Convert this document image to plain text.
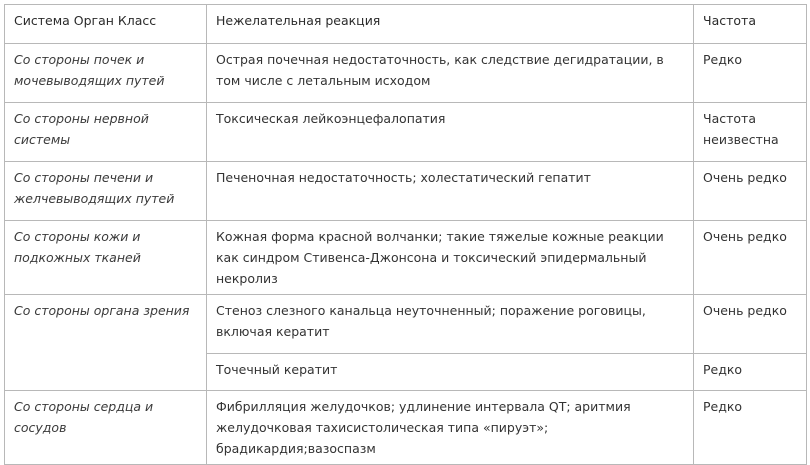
Система Орган Класс	Нежелательная реакция	Частота
Со стороны почек и мочевыводящих путей	Острая почечная недостаточность, как следствие дегидратации, в том числе с летальным исходом	Редко
Со стороны нервной системы	Токсическая лейкоэнцефалопатия	Частота неизвестна
Со стороны печени и желчевыводящих путей	Печеночная недостаточность; холестатический гепатит	Очень редко
Со стороны кожи и подкожных тканей	Кожная форма красной волчанки; такие тяжелые кожные реакции как синдром Стивенса-Джонсона и токсический эпидермальный некролиз	Очень редко
Со стороны органа зрения	Стеноз слезного канальца неуточненный; поражение роговицы, включая кератит	Очень редко
	Точечный кератит	Редко
Со стороны сердца и сосудов	Фибрилляция желудочков; удлинение интервала QT; аритмия желудочковая тахисистолическая типа «пируэт»; брадикардия;вазоспазм	Редко
